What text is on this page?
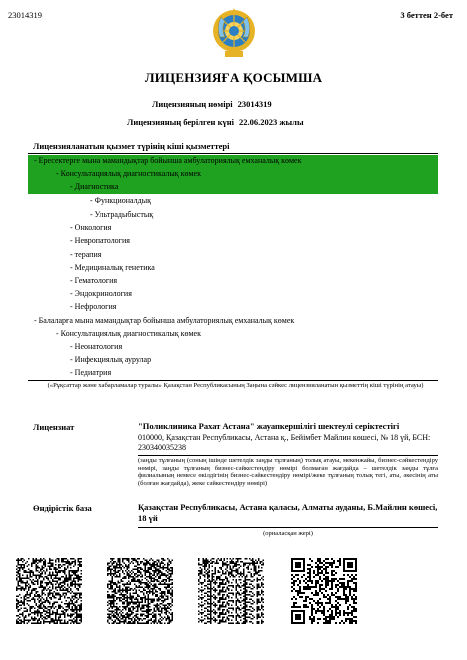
23014319	3 беттен 2-бет
ЛИЦЕНЗИЯҒА ҚОСЫМША
Лицензияның нөмірі 23014319
Лицензияның берілген күні 22.06.2023 жылы
Лицензияланатын қызмет түрінің кіші қызметтері
- Ересектерге мына мамандықтар бойынша амбулаториялық емханалық көмек
- Консультациялық диагностикалық көмек
- Диагностика
- Функционалдық
- Ультрадыбыстық
- Онкология
- Невропатология
- терапия
- Медициналық генетика
- Гематология
- Эндокринология
- Нефрология
- Балаларға мына мамандықтар бойынша амбулаториялық емханалық көмек
- Консультациялық диагностикалық көмек
- Неонатология
- Инфекциялық аурулар
- Педиатрия
(«Рұқсаттар және хабарламалар туралы» Қазақстан Республикасының Заңына сәйкес лицензияланатын қызметтің кіші түрінің атауы)
Лицензиат	"Поликлиника Рахат Астана" жауапкершілігі шектеулі серіктестігі
010000, Қазақстан Республикасы, Астана қ., Бейімбет Майлин көшесі, № 18 үй, БСН: 230340035238
(заңды тұлғаның (соның ішінде шетелдік заңды тұлғаның) толық атауы, мекенжайы, бизнес-сәйкестендіру нөмірі, заңды тұлғаның бизнес-сәйкестендіру нөмірі болмаған жағдайда – шетелдік заңды тұлға филиалының немесе өкілдігінің бизнес-сәйкестендіру нөмірі/жеке тұлғаның толық тегі, аты, әкесінің аты (болған жағдайда), жеке сәйкестендіру нөмірі)
Өндірістік база	Қазақстан Республикасы, Астана қаласы, Алматы ауданы, Б.Майлин көшесі, 18 үй
(орналасқан жері)
